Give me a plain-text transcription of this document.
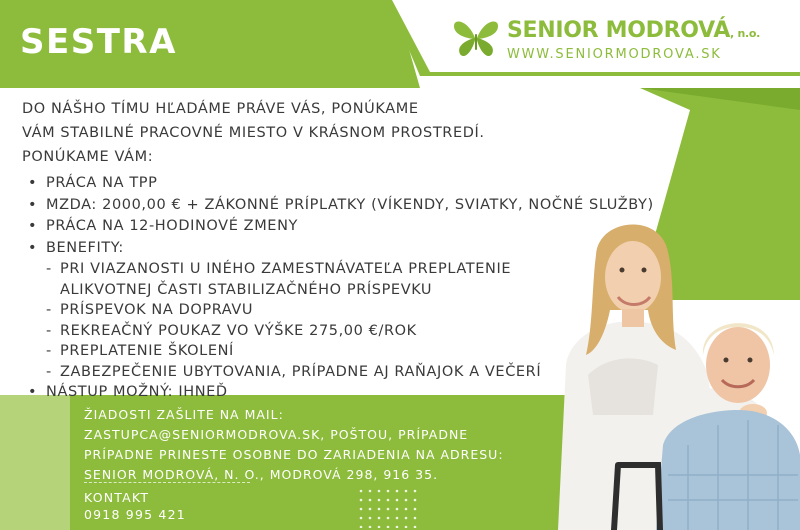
SESTRA	SENIOR MODROVÁ, n.o.
WWW.SENIORMODROVA.SK

DO NÁŠHO TÍMU HĽADÁME PRÁVE VÁS, PONÚKAME

VÁM STABILNÉ PRACOVNÉ MIESTO V KRÁSNOM PROSTREDÍ.

PONÚKAME VÁM:

• PRÁCA NA TPP
• MZDA: 2000,00 € + ZÁKONNÉ PRÍPLATKY (VÍKENDY, SVIATKY, NOČNÉ SLUŽBY)
• PRÁCA NA 12-HODINOVÉ ZMENY
• BENEFITY:
- PRI VIAZANOSTI U INÉHO ZAMESTNÁVATEĽA PREPLATENIE
ALIKVOTNEJ ČASTI STABILIZAČNÉHO PRÍSPEVKU
- PRÍSPEVOK NA DOPRAVU
- REKREAČNÝ POUKAZ VO VÝŠKE 275,00 €/ROK
- PREPLATENIE ŠKOLENÍ
- ZABEZPEČENIE UBYTOVANIA, PRÍPADNE AJ RAŇAJOK A VEČERÍ
• NÁSTUP MOŽNÝ: IHNEĎ

ŽIADOSTI ZAŠLITE NA MAIL:

ZASTUPCA@SENIORMODROVA.SK, POŠTOU, PRÍPADNE

PRÍPADNE PRINESTE OSOBNE DO ZARIADENIA NA ADRESU:

SENIOR MODROVÁ, N. O., MODROVÁ 298, 916 35.

KONTAKT
0918 995 421
